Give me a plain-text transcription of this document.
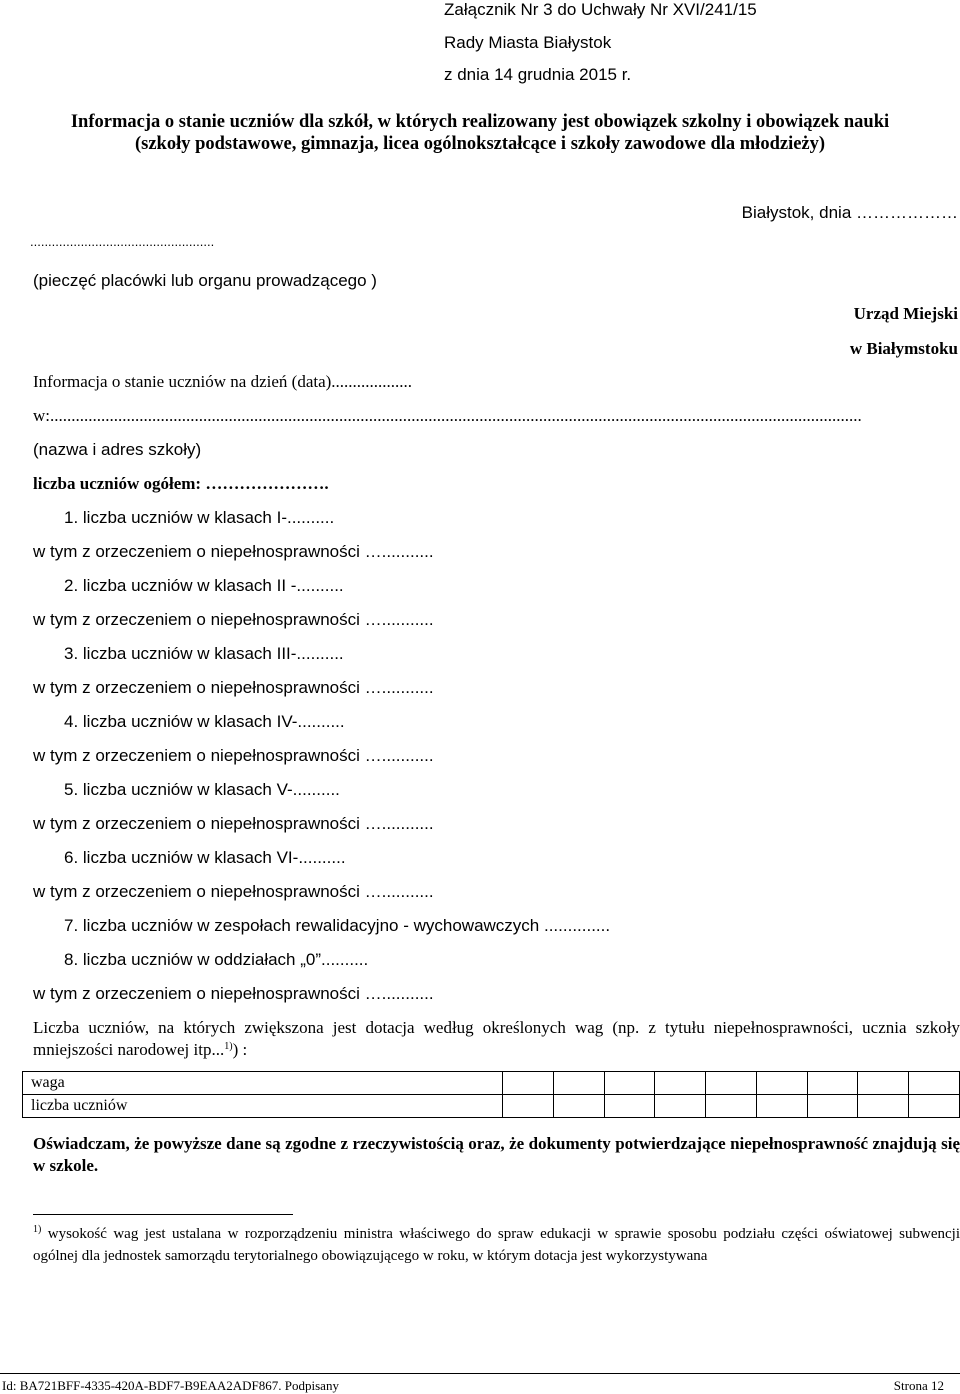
Załącznik Nr 3 do Uchwały Nr XVI/241/15
Rady Miasta Białystok
z dnia 14 grudnia 2015 r.
Informacja o stanie uczniów dla szkół, w których realizowany jest obowiązek szkolny i obowiązek nauki
(szkoły podstawowe, gimnazja, licea ogólnokształcące i szkoły zawodowe dla młodzieży)
Białystok, dnia ………………
...................................................
(pieczęć placówki lub organu prowadzącego )
Urząd Miejski
w Białymstoku
Informacja o stanie uczniów na dzień (data)...................
w:...............................................................................................................................................................................................
(nazwa i adres szkoły)
liczba uczniów ogółem: ………………….
1. liczba uczniów w klasach I-..........
w tym z orzeczeniem o niepełnosprawności …...........
2. liczba uczniów w klasach II -..........
w tym z orzeczeniem o niepełnosprawności …...........
3. liczba uczniów w klasach III-..........
w tym z orzeczeniem o niepełnosprawności …...........
4. liczba uczniów w klasach IV-..........
w tym z orzeczeniem o niepełnosprawności …...........
5. liczba uczniów w klasach V-..........
w tym z orzeczeniem o niepełnosprawności …...........
6. liczba uczniów w klasach VI-..........
w tym z orzeczeniem o niepełnosprawności …...........
7. liczba uczniów w zespołach rewalidacyjno - wychowawczych ..............
8. liczba uczniów w oddziałach „0”..........
w tym z orzeczeniem o niepełnosprawności …...........
Liczba uczniów, na których zwiększona jest dotacja według określonych wag (np. z tytułu niepełnosprawności, ucznia szkoły mniejszości narodowej itp...$^{1)}$) :
waga									
liczba uczniów									
Oświadczam, że powyższe dane są zgodne z rzeczywistością oraz, że dokumenty potwierdzające niepełnosprawność znajdują się w szkole.
$^{1)}$ wysokość wag jest ustalana w rozporządzeniu ministra właściwego do spraw edukacji w sprawie sposobu podziału części oświatowej subwencji ogólnej dla jednostek samorządu terytorialnego obowiązującego w roku, w którym dotacja jest wykorzystywana
Id: BA721BFF-4335-420A-BDF7-B9EAA2ADF867. Podpisany	Strona 12
